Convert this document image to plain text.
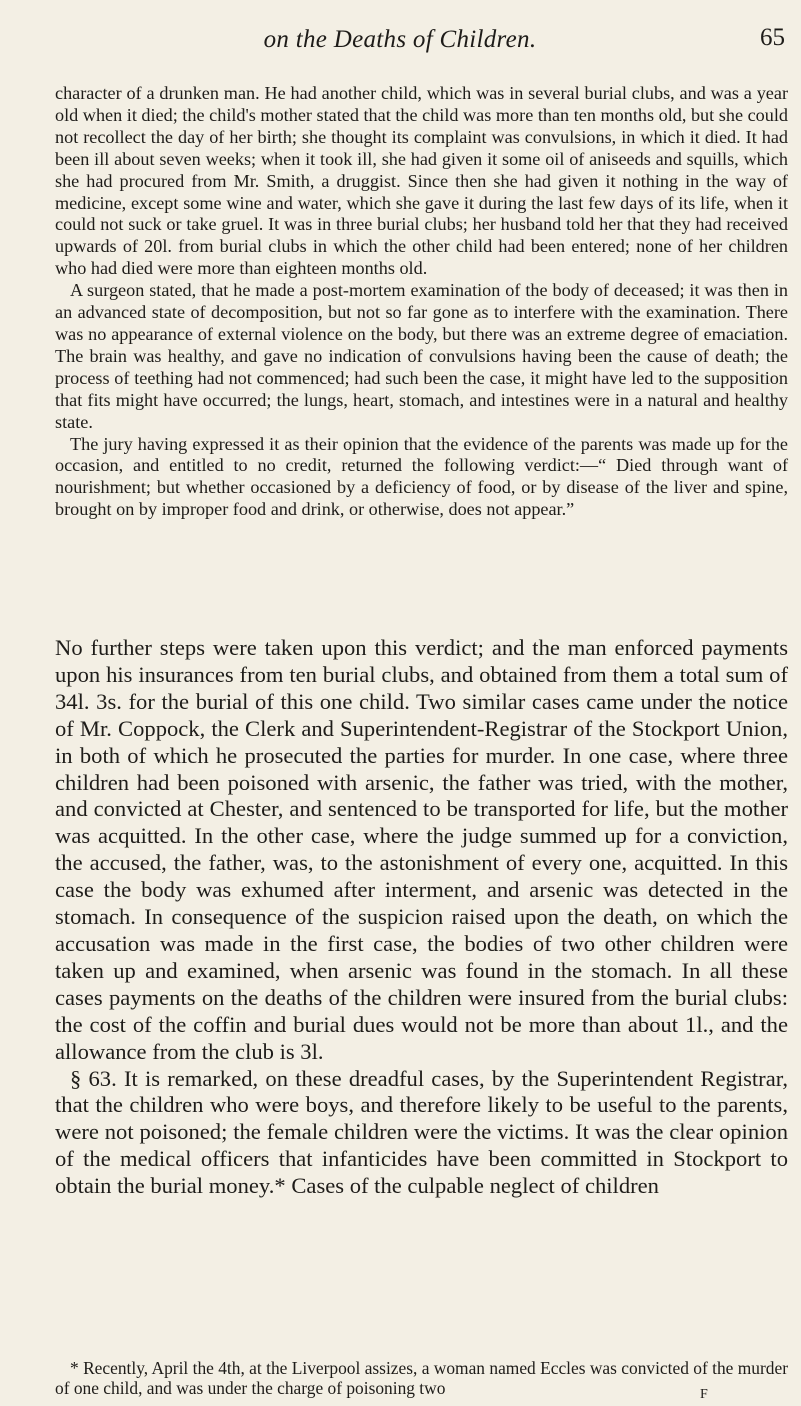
on the Deaths of Children.	65

character of a drunken man. He had another child, which was in several burial clubs, and was a year old when it died; the child's mother stated that the child was more than ten months old, but she could not recollect the day of her birth; she thought its complaint was convulsions, in which it died. It had been ill about seven weeks; when it took ill, she had given it some oil of aniseeds and squills, which she had procured from Mr. Smith, a druggist. Since then she had given it nothing in the way of medicine, except some wine and water, which she gave it during the last few days of its life, when it could not suck or take gruel. It was in three burial clubs; her husband told her that they had received upwards of 20l. from burial clubs in which the other child had been entered; none of her children who had died were more than eighteen months old.

A surgeon stated, that he made a post-mortem examination of the body of deceased; it was then in an advanced state of decomposition, but not so far gone as to interfere with the examination. There was no appearance of external violence on the body, but there was an extreme degree of emaciation. The brain was healthy, and gave no indication of convulsions having been the cause of death; the process of teething had not commenced; had such been the case, it might have led to the supposition that fits might have occurred; the lungs, heart, stomach, and intestines were in a natural and healthy state.

The jury having expressed it as their opinion that the evidence of the parents was made up for the occasion, and entitled to no credit, returned the following verdict:—“ Died through want of nourishment; but whether occasioned by a deficiency of food, or by disease of the liver and spine, brought on by improper food and drink, or otherwise, does not appear.”

No further steps were taken upon this verdict; and the man enforced payments upon his insurances from ten burial clubs, and obtained from them a total sum of 34l. 3s. for the burial of this one child. Two similar cases came under the notice of Mr. Coppock, the Clerk and Superintendent-Registrar of the Stockport Union, in both of which he prosecuted the parties for murder. In one case, where three children had been poisoned with arsenic, the father was tried, with the mother, and convicted at Chester, and sentenced to be transported for life, but the mother was acquitted. In the other case, where the judge summed up for a conviction, the accused, the father, was, to the astonishment of every one, acquitted. In this case the body was exhumed after interment, and arsenic was detected in the stomach. In consequence of the suspicion raised upon the death, on which the accusation was made in the first case, the bodies of two other children were taken up and examined, when arsenic was found in the stomach. In all these cases payments on the deaths of the children were insured from the burial clubs: the cost of the coffin and burial dues would not be more than about 1l., and the allowance from the club is 3l.

§ 63. It is remarked, on these dreadful cases, by the Superintendent Registrar, that the children who were boys, and therefore likely to be useful to the parents, were not poisoned; the female children were the victims. It was the clear opinion of the medical officers that infanticides have been committed in Stockport to obtain the burial money.* Cases of the culpable neglect of children

* Recently, April the 4th, at the Liverpool assizes, a woman named Eccles was convicted of the murder of one child, and was under the charge of poisoning two	F
